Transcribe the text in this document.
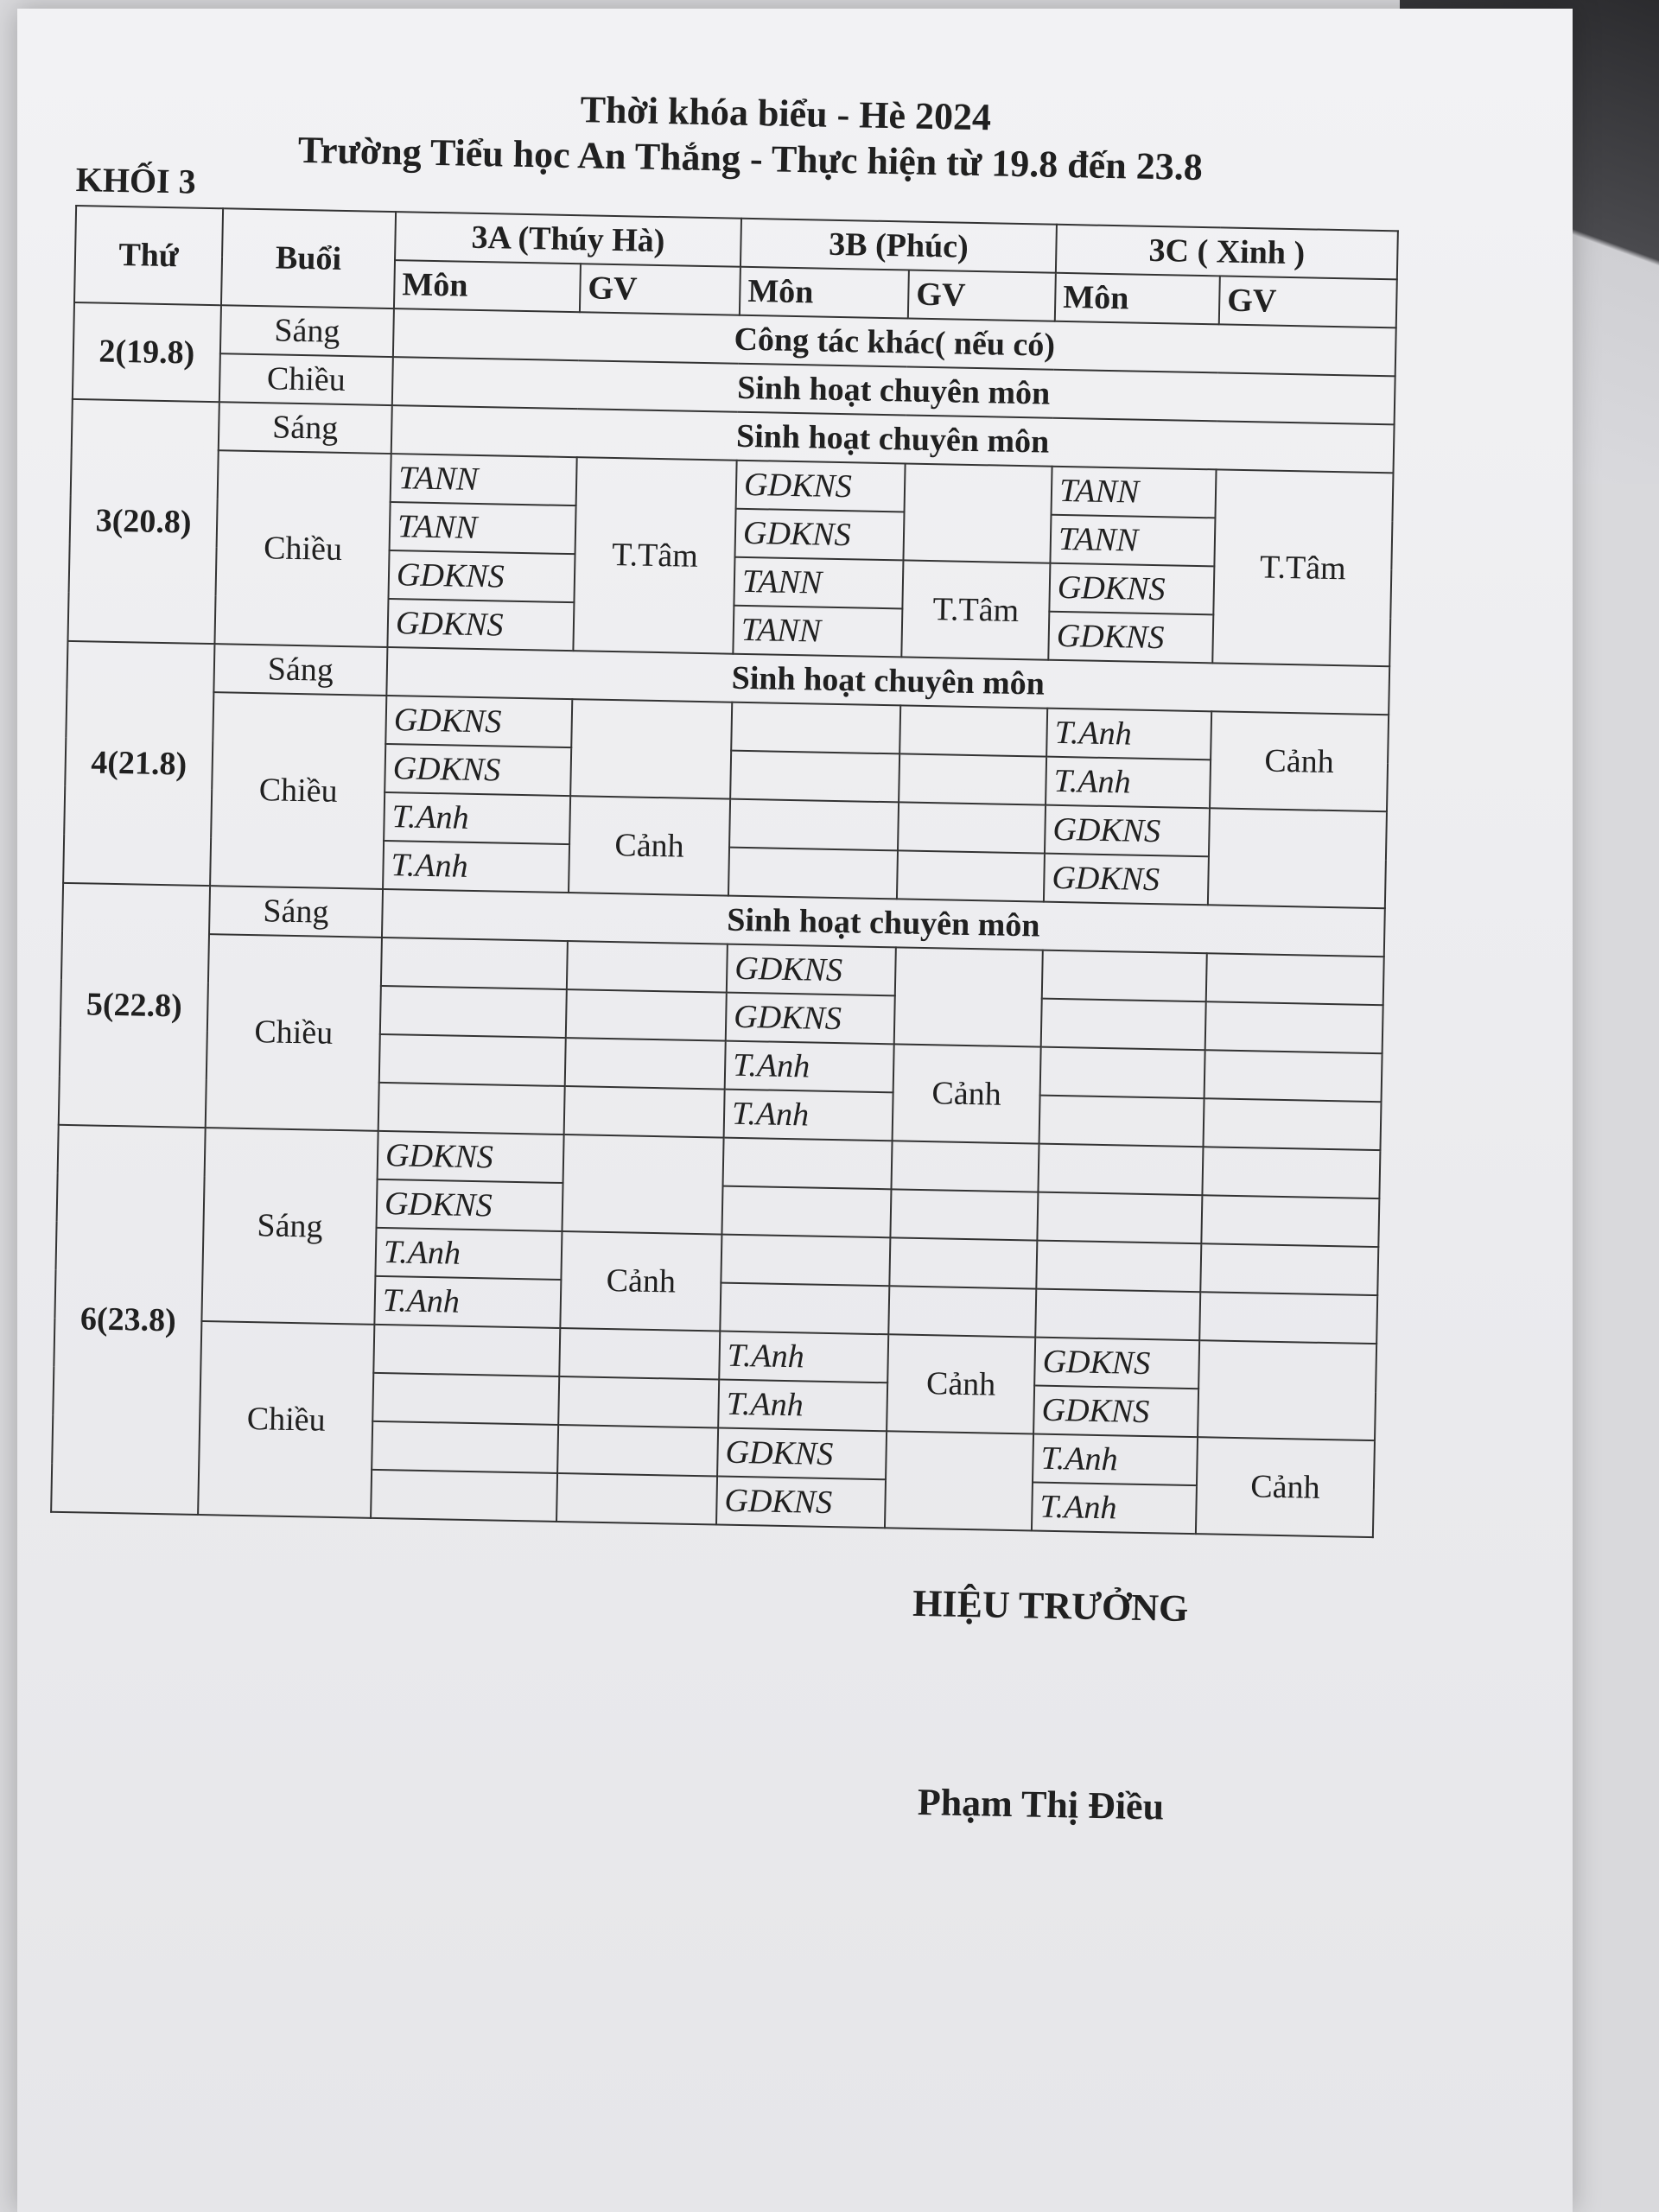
Thời khóa biểu - Hè 2024
Trường Tiểu học An Thắng - Thực hiện từ 19.8 đến 23.8
KHỐI 3
Thứ	Buổi	3A (Thúy Hà)		3B (Phúc)		3C ( Xinh )	
		Môn	GV	Môn	GV	Môn	GV
2(19.8)	Sáng	Công tác khác( nếu có)					
	Chiều	Sinh hoạt chuyên môn					
3(20.8)	Sáng	Sinh hoạt chuyên môn					
	Chiều	TANN	T.Tâm	GDKNS		TANN	T.Tâm
		TANN		GDKNS		TANN	
		GDKNS		TANN	T.Tâm	GDKNS	
		GDKNS		TANN		GDKNS	
4(21.8)	Sáng	Sinh hoạt chuyên môn					
	Chiều	GDKNS				T.Anh	Cảnh
		GDKNS				T.Anh	
		T.Anh	Cảnh			GDKNS	
		T.Anh				GDKNS	
5(22.8)	Sáng	Sinh hoạt chuyên môn					
	Chiều			GDKNS			
				GDKNS			
				T.Anh	Cảnh		
				T.Anh			
6(23.8)	Sáng	GDKNS					
		GDKNS					
		T.Anh	Cảnh				
		T.Anh					
	Chiều			T.Anh	Cảnh	GDKNS	
				T.Anh		GDKNS	
				GDKNS		T.Anh	Cảnh
				GDKNS		T.Anh	
HIỆU TRƯỞNG
Phạm Thị Điều
